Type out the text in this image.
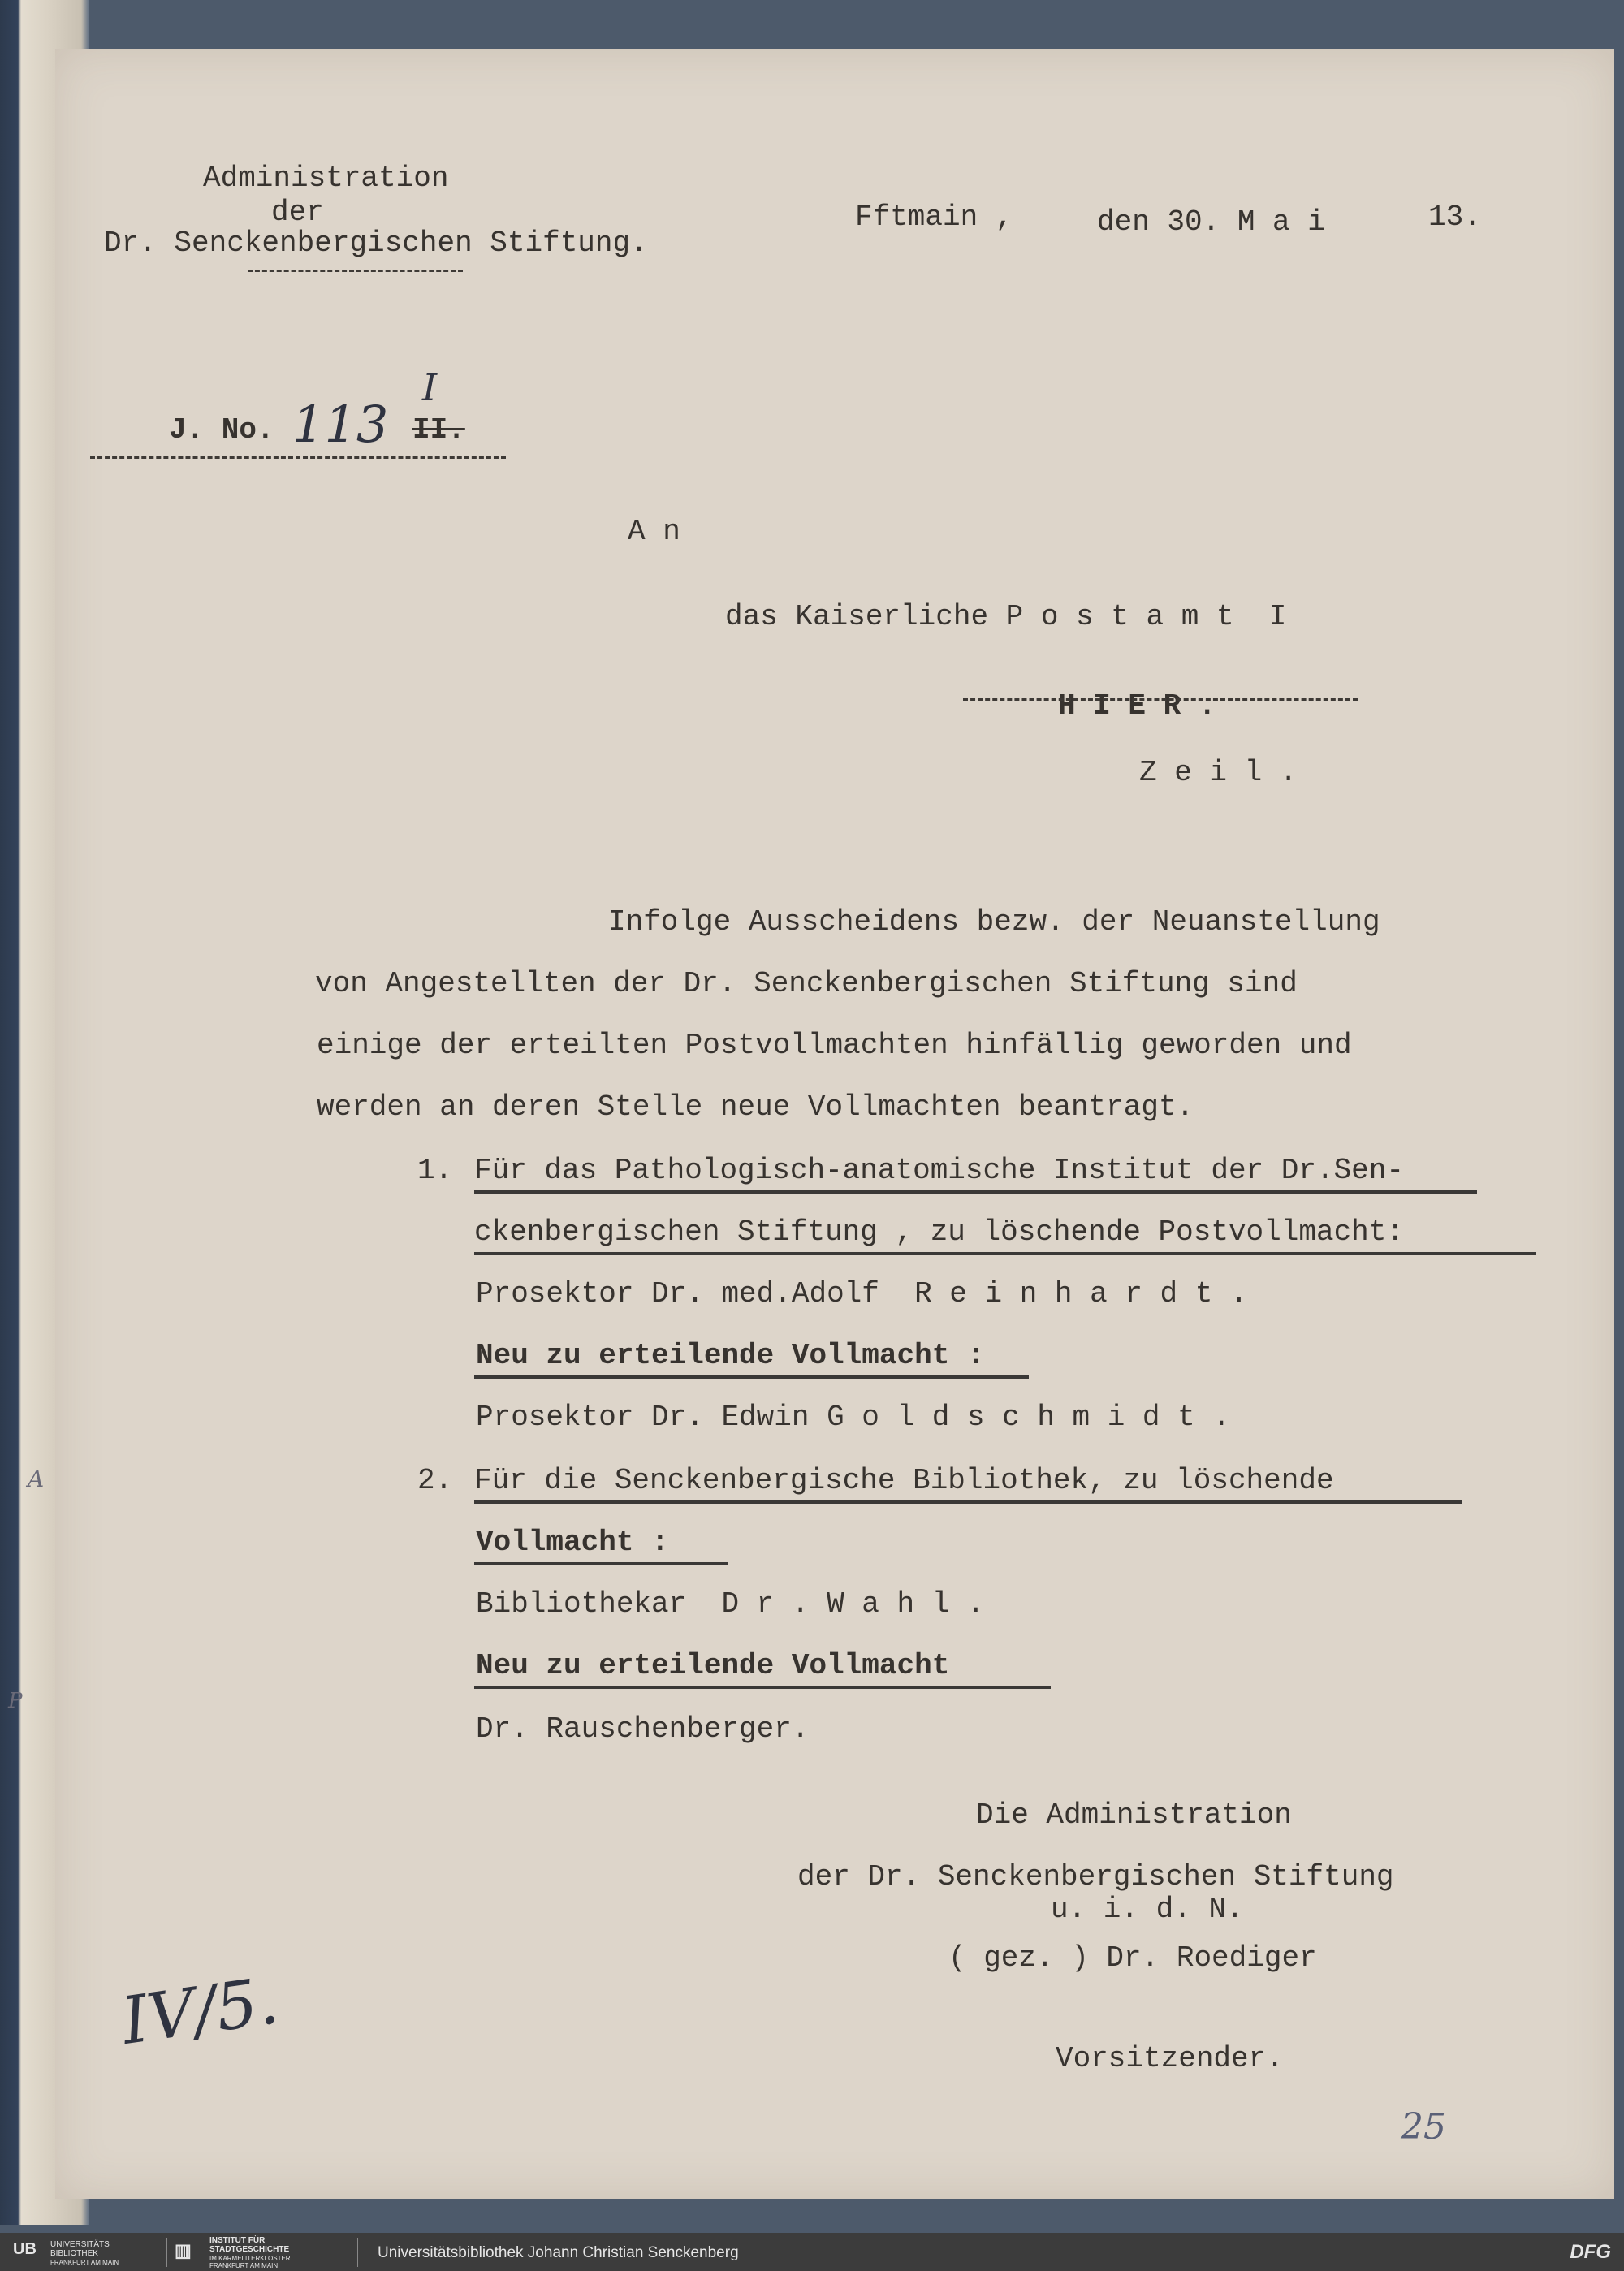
A
P
Administration
der
Dr. Senckenbergischen Stiftung.
Fftmain ,	den 30. M a i	13.
J. No. 113 II.
I
A n
das Kaiserliche P o s t a m t  I
H I E R .
Z e i l .
Infolge Ausscheidens bezw. der Neuanstellung
von Angestellten der Dr. Senckenbergischen Stiftung sind
einige der erteilten Postvollmachten hinfällig geworden und
werden an deren Stelle neue Vollmachten beantragt.
1. Für das Pathologisch-anatomische Institut der Dr.Sen-
ckenbergischen Stiftung , zu löschende Postvollmacht:
Prosektor Dr. med.Adolf  R e i n h a r d t .
Neu zu erteilende Vollmacht :
Prosektor Dr. Edwin G o l d s c h m i d t .
2. Für die Senckenbergische Bibliothek, zu löschende
Vollmacht :
Bibliothekar  D r . W a h l .
Neu zu erteilende Vollmacht
Dr. Rauschenberger.
Die Administration
der Dr. Senckenbergischen Stiftung
u. i. d. N.
( gez. ) Dr. Roediger
Vorsitzender.
IV/5.
25
UB UNIVERSITÄTS
BIBLIOTHEK
FRANKFURT AM MAIN
▥ INSTITUT FÜR
STADTGESCHICHTE
IM KARMELITERKLOSTER
FRANKFURT AM MAIN
Universitätsbibliothek Johann Christian Senckenberg	DFG
